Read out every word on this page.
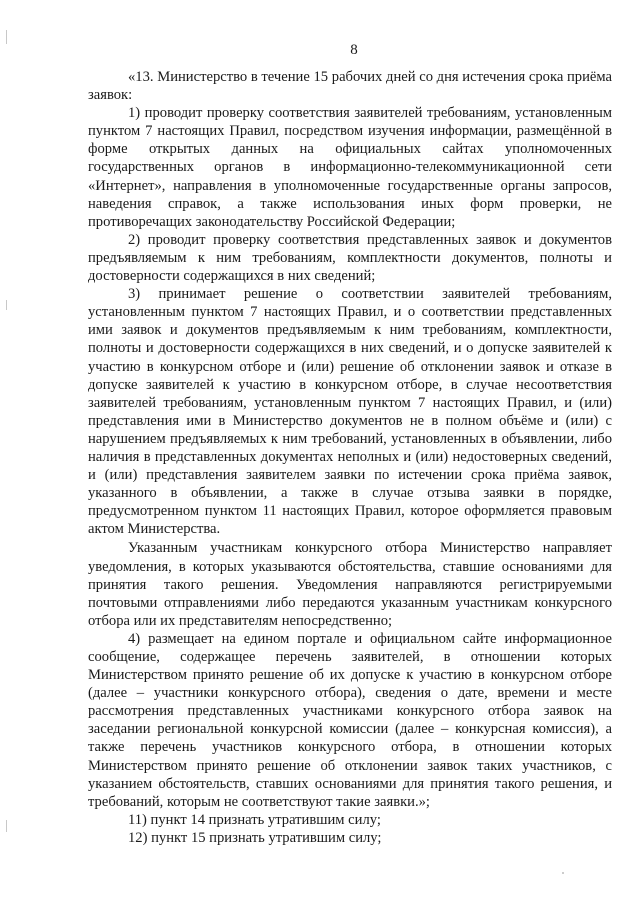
8

«13. Министерство в течение 15 рабочих дней со дня истечения срока приёма заявок:

1) проводит проверку соответствия заявителей требованиям, установленным пунктом 7 настоящих Правил, посредством изучения информации, размещённой в форме открытых данных на официальных сайтах уполномоченных государственных органов в информационно-телекоммуникационной сети «Интернет», направления в уполномоченные государственные органы запросов, наведения справок, а также использования иных форм проверки, не противоречащих законодательству Российской Федерации;

2) проводит проверку соответствия представленных заявок и документов предъявляемым к ним требованиям, комплектности документов, полноты и достоверности содержащихся в них сведений;

3) принимает решение о соответствии заявителей требованиям, установленным пунктом 7 настоящих Правил, и о соответствии представленных ими заявок и документов предъявляемым к ним требованиям, комплектности, полноты и достоверности содержащихся в них сведений, и о допуске заявителей к участию в конкурсном отборе и (или) решение об отклонении заявок и отказе в допуске заявителей к участию в конкурсном отборе, в случае несоответствия заявителей требованиям, установленным пунктом 7 настоящих Правил, и (или) представления ими в Министерство документов не в полном объёме и (или) с нарушением предъявляемых к ним требований, установленных в объявлении, либо наличия в представленных документах неполных и (или) недостоверных сведений, и (или) представления заявителем заявки по истечении срока приёма заявок, указанного в объявлении, а также в случае отзыва заявки в порядке, предусмотренном пунктом 11 настоящих Правил, которое оформляется правовым актом Министерства.

Указанным участникам конкурсного отбора Министерство направляет уведомления, в которых указываются обстоятельства, ставшие основаниями для принятия такого решения. Уведомления направляются регистрируемыми почтовыми отправлениями либо передаются указанным участникам конкурсного отбора или их представителям непосредственно;

4) размещает на едином портале и официальном сайте информационное сообщение, содержащее перечень заявителей, в отношении которых Министерством принято решение об их допуске к участию в конкурсном отборе (далее – участники конкурсного отбора), сведения о дате, времени и месте рассмотрения представленных участниками конкурсного отбора заявок на заседании региональной конкурсной комиссии (далее – конкурсная комиссия), а также перечень участников конкурсного отбора, в отношении которых Министерством принято решение об отклонении заявок таких участников, с указанием обстоятельств, ставших основаниями для принятия такого решения, и требований, которым не соответствуют такие заявки.»;

11) пункт 14 признать утратившим силу;

12) пункт 15 признать утратившим силу;
